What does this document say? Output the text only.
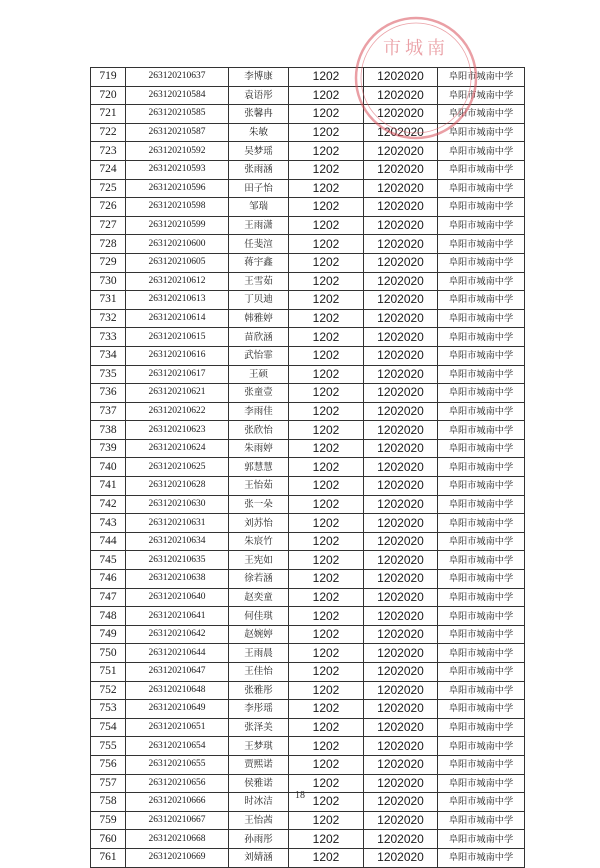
719	263120210637	李博康	1202	1202020	阜阳市城南中学
720	263120210584	袁语彤	1202	1202020	阜阳市城南中学
721	263120210585	张馨冉	1202	1202020	阜阳市城南中学
722	263120210587	朱敏	1202	1202020	阜阳市城南中学
723	263120210592	吴梦瑶	1202	1202020	阜阳市城南中学
724	263120210593	张雨涵	1202	1202020	阜阳市城南中学
725	263120210596	田子怡	1202	1202020	阜阳市城南中学
726	263120210598	邹瑞	1202	1202020	阜阳市城南中学
727	263120210599	王雨潇	1202	1202020	阜阳市城南中学
728	263120210600	任斐渲	1202	1202020	阜阳市城南中学
729	263120210605	蒋宇鑫	1202	1202020	阜阳市城南中学
730	263120210612	王雪茹	1202	1202020	阜阳市城南中学
731	263120210613	丁贝迪	1202	1202020	阜阳市城南中学
732	263120210614	韩雅婷	1202	1202020	阜阳市城南中学
733	263120210615	苗欣涵	1202	1202020	阜阳市城南中学
734	263120210616	武怡霏	1202	1202020	阜阳市城南中学
735	263120210617	王硕	1202	1202020	阜阳市城南中学
736	263120210621	张童壹	1202	1202020	阜阳市城南中学
737	263120210622	李雨佳	1202	1202020	阜阳市城南中学
738	263120210623	张欣怡	1202	1202020	阜阳市城南中学
739	263120210624	朱雨婷	1202	1202020	阜阳市城南中学
740	263120210625	郭慧慧	1202	1202020	阜阳市城南中学
741	263120210628	王怡茹	1202	1202020	阜阳市城南中学
742	263120210630	张一朵	1202	1202020	阜阳市城南中学
743	263120210631	刘苏怡	1202	1202020	阜阳市城南中学
744	263120210634	朱宸竹	1202	1202020	阜阳市城南中学
745	263120210635	王宪如	1202	1202020	阜阳市城南中学
746	263120210638	徐若涵	1202	1202020	阜阳市城南中学
747	263120210640	赵奕童	1202	1202020	阜阳市城南中学
748	263120210641	何佳琪	1202	1202020	阜阳市城南中学
749	263120210642	赵婉婷	1202	1202020	阜阳市城南中学
750	263120210644	王雨晨	1202	1202020	阜阳市城南中学
751	263120210647	王佳怡	1202	1202020	阜阳市城南中学
752	263120210648	张雅彤	1202	1202020	阜阳市城南中学
753	263120210649	李彤瑶	1202	1202020	阜阳市城南中学
754	263120210651	张泽美	1202	1202020	阜阳市城南中学
755	263120210654	王梦琪	1202	1202020	阜阳市城南中学
756	263120210655	贾熙诺	1202	1202020	阜阳市城南中学
757	263120210656	侯雅诺	1202	1202020	阜阳市城南中学
758	263120210666	时冰洁	1202	1202020	阜阳市城南中学
759	263120210667	王怡茜	1202	1202020	阜阳市城南中学
760	263120210668	孙雨彤	1202	1202020	阜阳市城南中学
761	263120210669	刘婧涵	1202	1202020	阜阳市城南中学
市城南
18
